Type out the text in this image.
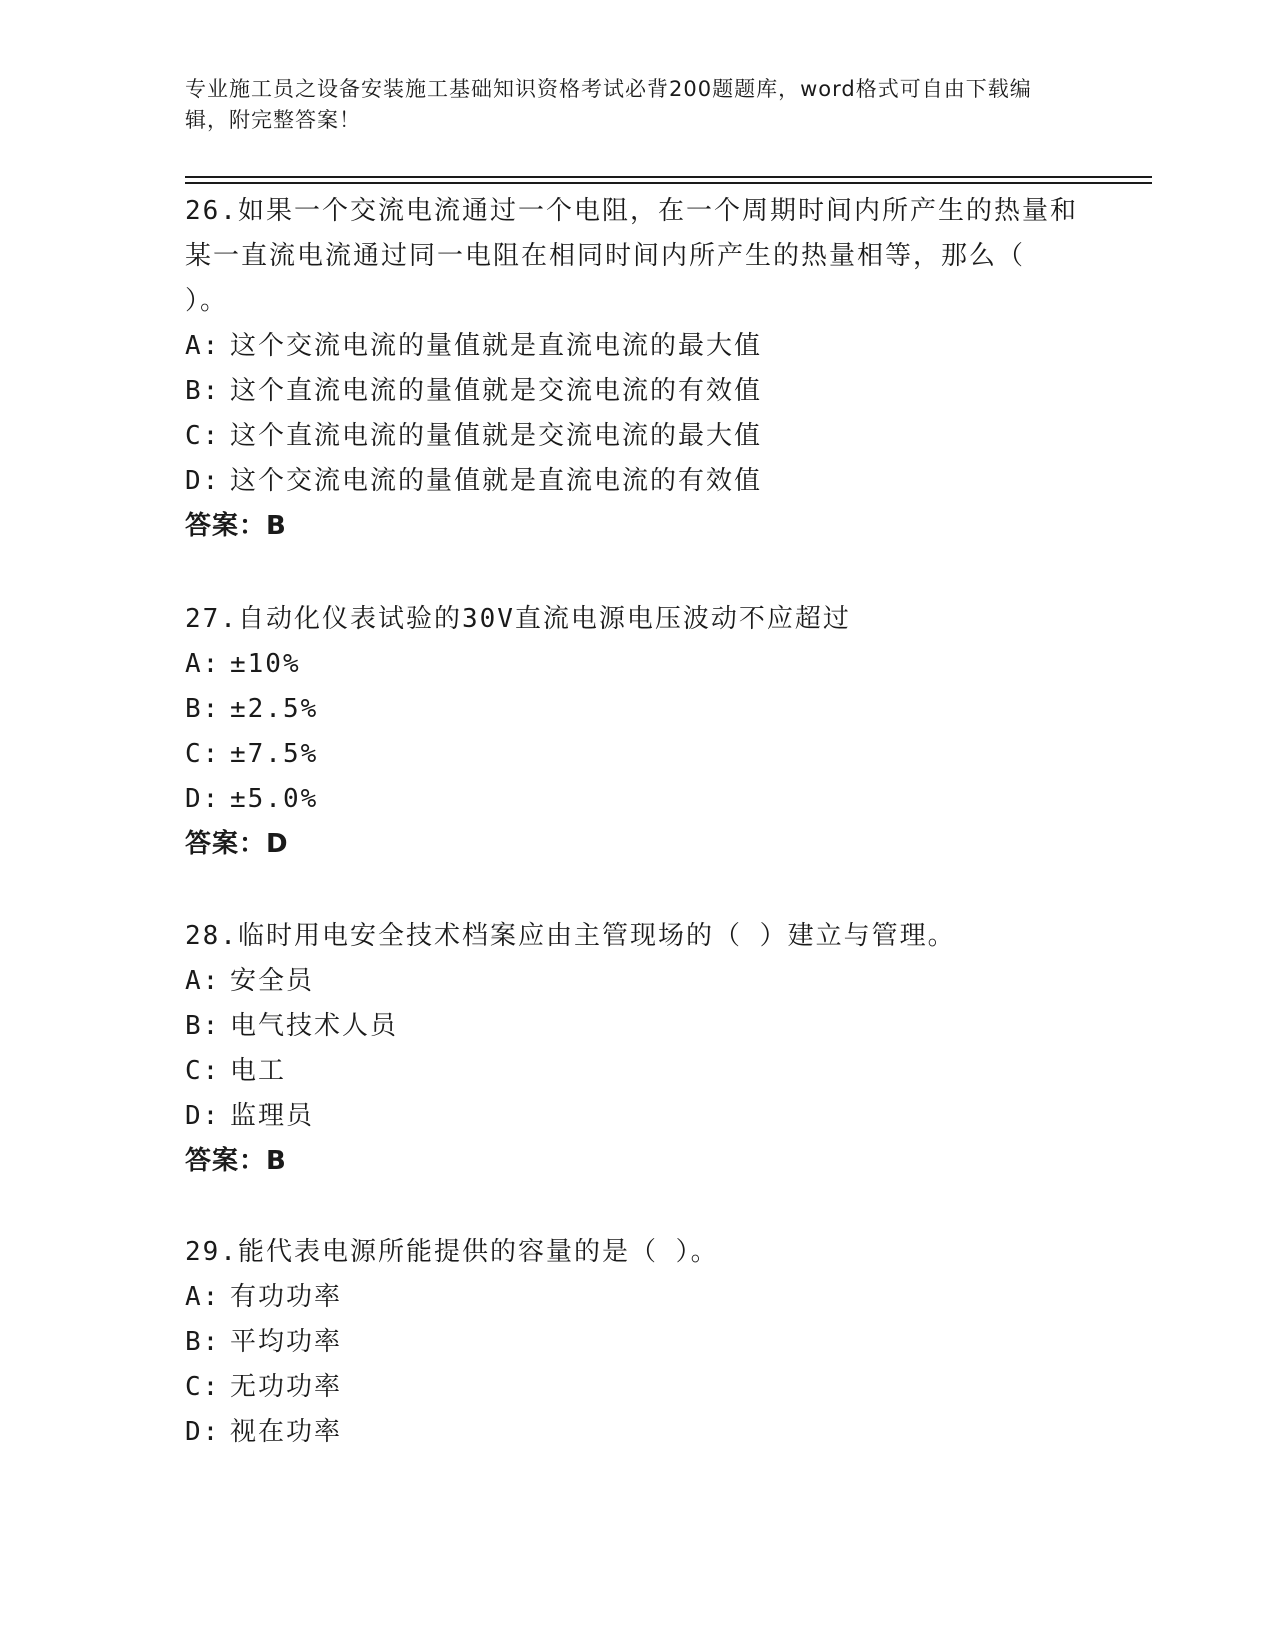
专业施工员之设备安装施工基础知识资格考试必背200题题库，word格式可自由下载编辑，附完整答案！

26.如果一个交流电流通过一个电阻，在一个周期时间内所产生的热量和某一直流电流通过同一电阻在相同时间内所产生的热量相等，那么（ ）。

A: 这个交流电流的量值就是直流电流的最大值

B: 这个直流电流的量值就是交流电流的有效值

C: 这个直流电流的量值就是交流电流的最大值

D: 这个交流电流的量值就是直流电流的有效值

答案：B

27.自动化仪表试验的30V直流电源电压波动不应超过

A: ±10%

B: ±2.5%

C: ±7.5%

D: ±5.0%

答案：D

28.临时用电安全技术档案应由主管现场的（ ）建立与管理。

A: 安全员

B: 电气技术人员

C: 电工

D: 监理员

答案：B

29.能代表电源所能提供的容量的是（ ）。

A: 有功功率

B: 平均功率

C: 无功功率

D: 视在功率
